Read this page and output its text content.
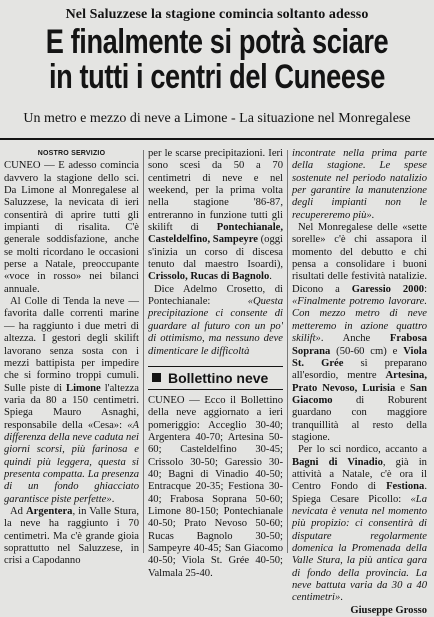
Nel Saluzzese la stagione comincia soltanto adesso
E finalmente si potrà sciare
in tutti i centri del Cuneese
Un metro e mezzo di neve a Limone - La situazione nel Monregalese

NOSTRO SERVIZIO

CUNEO — E adesso comincia davvero la stagione dello sci. Da Limone al Monregalese al Saluzzese, la nevicata di ieri consentirà di aprire tutti gli impianti di risalita. C'è generale soddisfazione, anche se molti ricordano le occasioni perse a Natale, preoccupante «voce in rosso» nei bilanci annuale.

Al Colle di Tenda la neve — favorita dalle correnti marine — ha raggiunto i due metri di altezza. I gestori degli skilift lavorano senza sosta con i mezzi battipista per impedire che si formino troppi cumuli. Sulle piste di Limone l'altezza varia da 80 a 150 centimetri. Spiega Mauro Asnaghi, responsabile della «Cesa»: «A differenza della neve caduta nei giorni scorsi, più farinosa e quindi più leggera, questa si presenta compatta. La presenza di un fondo ghiacciato garantisce piste perfette».

Ad Argentera, in Valle Stura, la neve ha raggiunto i 70 centimetri. Ma c'è grande gioia soprattutto nel Saluzzese, in crisi a Capodanno

per le scarse precipitazioni. Ieri sono scesi da 50 a 70 centimetri di neve e nel weekend, per la prima volta nella stagione '86-87, entreranno in funzione tutti gli skilift di Pontechianale, Casteldelfino, Sampeyre (oggi s'inizia un corso di discesa tenuto dal maestro Isoardi), Crissolo, Rucas di Bagnolo.

Dice Adelmo Crosetto, di Pontechianale: «Questa precipitazione ci consente di guardare al futuro con un po' di ottimismo, ma nessuno deve dimenticare le difficoltà

Bollettino neve

CUNEO — Ecco il Bollettino della neve aggiornato a ieri pomeriggio: Acceglio 30-40; Argentera 40-70; Artesina 50-60; Casteldelfino 30-45; Crissolo 30-50; Garessio 30-40; Bagni di Vinadio 40-50; Entracque 20-35; Festiona 30-40; Frabosa Soprana 50-60; Limone 80-150; Pontechianale 40-50; Prato Nevoso 50-60; Rucas Bagnolo 30-50; Sampeyre 40-45; San Giacomo 40-50; Viola St. Grée 40-50; Valmala 25-40.

incontrate nella prima parte della stagione. Le spese sostenute nel periodo natalizio per garantire la manutenzione degli impianti non le recupereremo più».

Nel Monregalese delle «sette sorelle» c'è chi assapora il momento del debutto e chi pensa a consolidare i buoni risultati delle festività natalizie. Dicono a Garessio 2000: «Finalmente potremo lavorare. Con mezzo metro di neve metteremo in azione quattro skilift». Anche Frabosa Soprana (50-60 cm) e Viola St. Grée si preparano all'esordio, mentre Artesina, Prato Nevoso, Lurisia e San Giacomo di Roburent guardano con maggiore tranquillità al resto della stagione.

Per lo sci nordico, accanto a Bagni di Vinadio, già in attività a Natale, c'è ora il Centro Fondo di Festiona. Spiega Cesare Picollo: «La nevicata è venuta nel momento più propizio: ci consentirà di disputare regolarmente domenica la Promenada della Valle Stura, la più antica gara di fondo della provincia. La neve battuta varia da 30 a 40 centimetri».

Giuseppe Grosso
